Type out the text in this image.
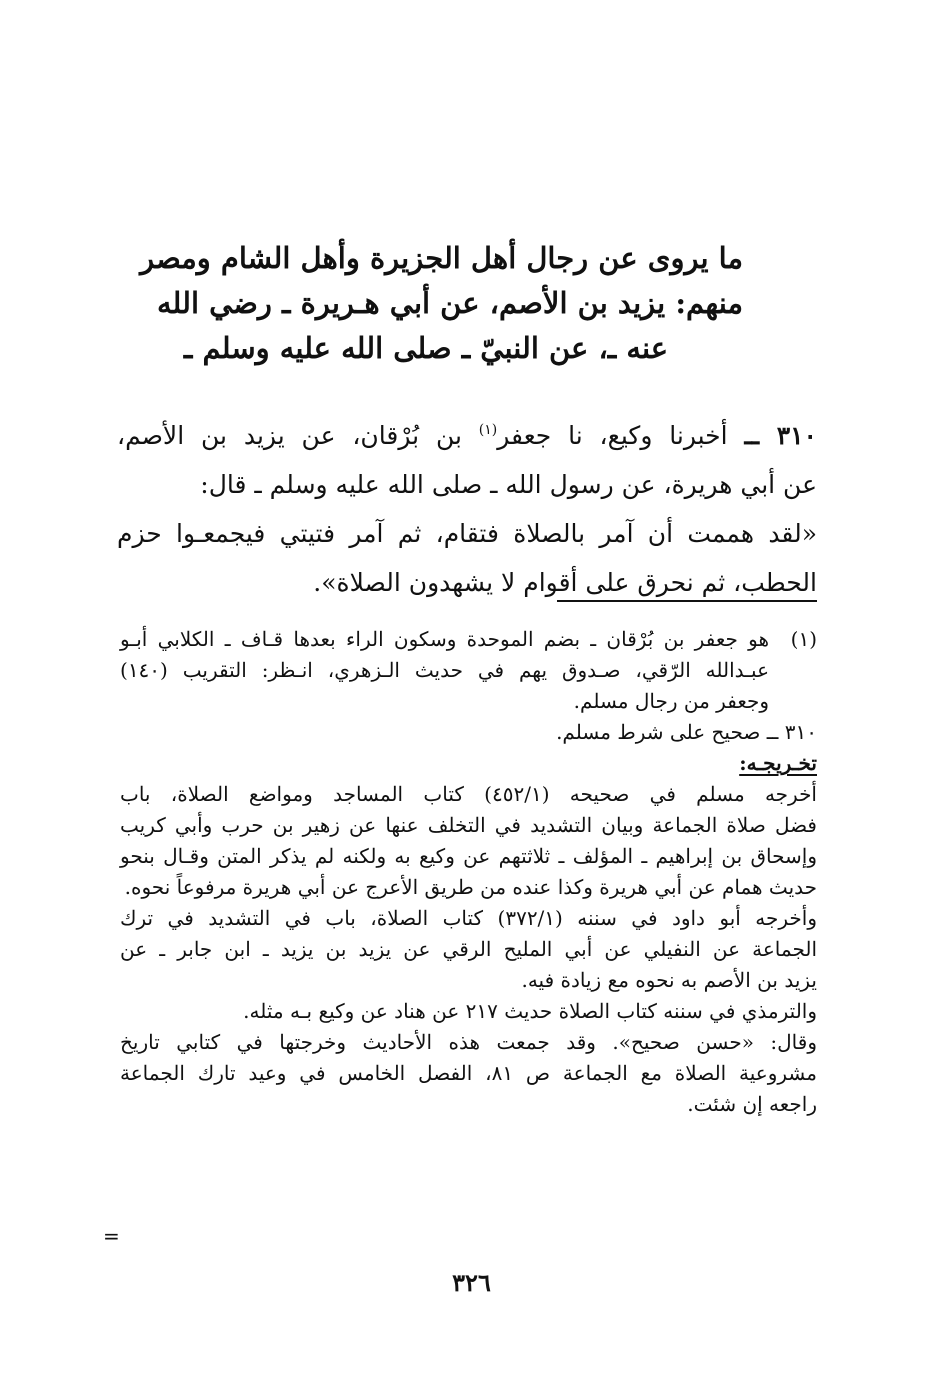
ما يروى عن رجال أهل الجزيرة وأهل الشام ومصر
منهم: يزيد بن الأصم، عن أبي هـريرة ـ رضي الله
عنه ـ، عن النبيّ ـ صلى الله عليه وسلم ـ
٣١٠ ــ أخبرنا وكيع، نا جعفر$^{(١)}$ بن بُرْقان، عن يزيد بن الأصم،
عن أبي هريرة، عن رسول الله ـ صلى الله عليه وسلم ـ قال:
«لقد هممت أن آمر بالصلاة فتقام، ثم آمر فتيتي فيجمعـوا حزم
الحطب، ثم نحرق على أقوام لا يشهدون الصلاة».
(١)
هو جعفر بن بُرْقان ـ بضم الموحدة وسكون الراء بعدها قـاف ـ الكلابي أبـو
عبـدالله الرّقي، صـدوق يهم في حديث الـزهري، انـظر: التقريب (١٤٠)
وجعفر من رجال مسلم.
٣١٠ ــ صحيح على شرط مسلم.
تخـريجـه:
أخرجه مسلم في صحيحه (٤٥٢/١) كتاب المساجد ومواضع الصلاة، باب
فضل صلاة الجماعة وبيان التشديد في التخلف عنها عن زهير بن حرب وأبي كريب
وإسحاق بن إبراهيم ـ المؤلف ـ ثلاثتهم عن وكيع به ولكنه لم يذكر المتن وقـال بنحو
حديث همام عن أبي هريرة وكذا عنده من طريق الأعرج عن أبي هريرة مرفوعاً نحوه.
وأخرجه أبو داود في سننه (٣٧٢/١) كتاب الصلاة، باب في التشديد في ترك
الجماعة عن النفيلي عن أبي المليح الرقي عن يزيد بن يزيد ـ ابن جابر ـ عن
يزيد بن الأصم به نحوه مع زيادة فيه.
والترمذي في سننه كتاب الصلاة حديث ٢١٧ عن هناد عن وكيع بـه مثله.
وقال: «حسن صحيح». وقد جمعت هذه الأحاديث وخرجتها في كتابي تاريخ
مشروعية الصلاة مع الجماعة ص ٨١، الفصل الخامس في وعيد تارك الجماعة
راجعه إن شئت.
=
٣٢٦
